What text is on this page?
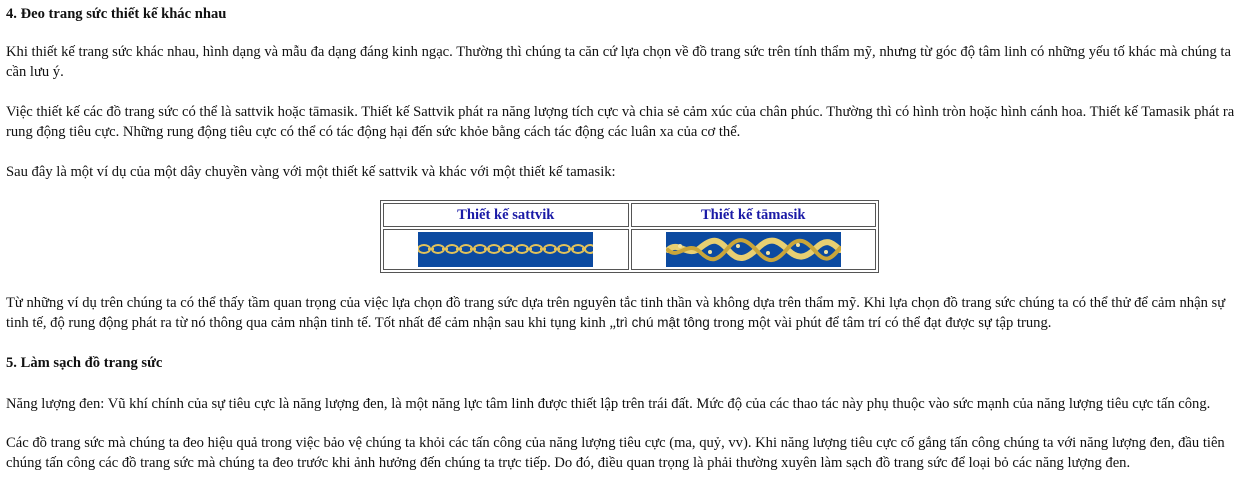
4. Đeo trang sức thiết kế khác nhau

Khi thiết kế trang sức khác nhau, hình dạng và mẫu đa dạng đáng kinh ngạc. Thường thì chúng ta căn cứ lựa chọn về đồ trang sức trên tính thẩm mỹ, nhưng từ góc độ tâm linh có những yếu tố khác mà chúng ta cần lưu ý.

Việc thiết kế các đồ trang sức có thể là sattvik hoặc tāmasik. Thiết kế Sattvik phát ra năng lượng tích cực và chia sẻ cảm xúc của chân phúc. Thường thì có hình tròn hoặc hình cánh hoa. Thiết kế Tamasik phát ra rung động tiêu cực. Những rung động tiêu cực có thể có tác động hại đến sức khỏe bằng cách tác động các luân xa của cơ thể.

Sau đây là một ví dụ của một dây chuyền vàng với một thiết kế sattvik và khác với một thiết kế tamasik:

Thiết kế sattvik	Thiết kế tāmasik

Từ những ví dụ trên chúng ta có thể thấy tầm quan trọng của việc lựa chọn đồ trang sức dựa trên nguyên tắc tinh thần và không dựa trên thẩm mỹ. Khi lựa chọn đồ trang sức chúng ta có thể thử để cảm nhận sự tinh tế, độ rung động phát ra từ nó thông qua cảm nhận tinh tế. Tốt nhất để cảm nhận sau khi tụng kinh „trì chú mật tông trong một vài phút để tâm trí có thể đạt được sự tập trung.

5. Làm sạch đồ trang sức

Năng lượng đen: Vũ khí chính của sự tiêu cực là năng lượng đen, là một năng lực tâm linh được thiết lập trên trái đất. Mức độ của các thao tác này phụ thuộc vào sức mạnh của năng lượng tiêu cực tấn công.

Các đồ trang sức mà chúng ta đeo hiệu quả trong việc bảo vệ chúng ta khỏi các tấn công của năng lượng tiêu cực (ma, quỷ, vv). Khi năng lượng tiêu cực cố gắng tấn công chúng ta với năng lượng đen, đầu tiên chúng tấn công các đồ trang sức mà chúng ta đeo trước khi ảnh hưởng đến chúng ta trực tiếp. Do đó, điều quan trọng là phải thường xuyên làm sạch đồ trang sức để loại bỏ các năng lượng đen.
